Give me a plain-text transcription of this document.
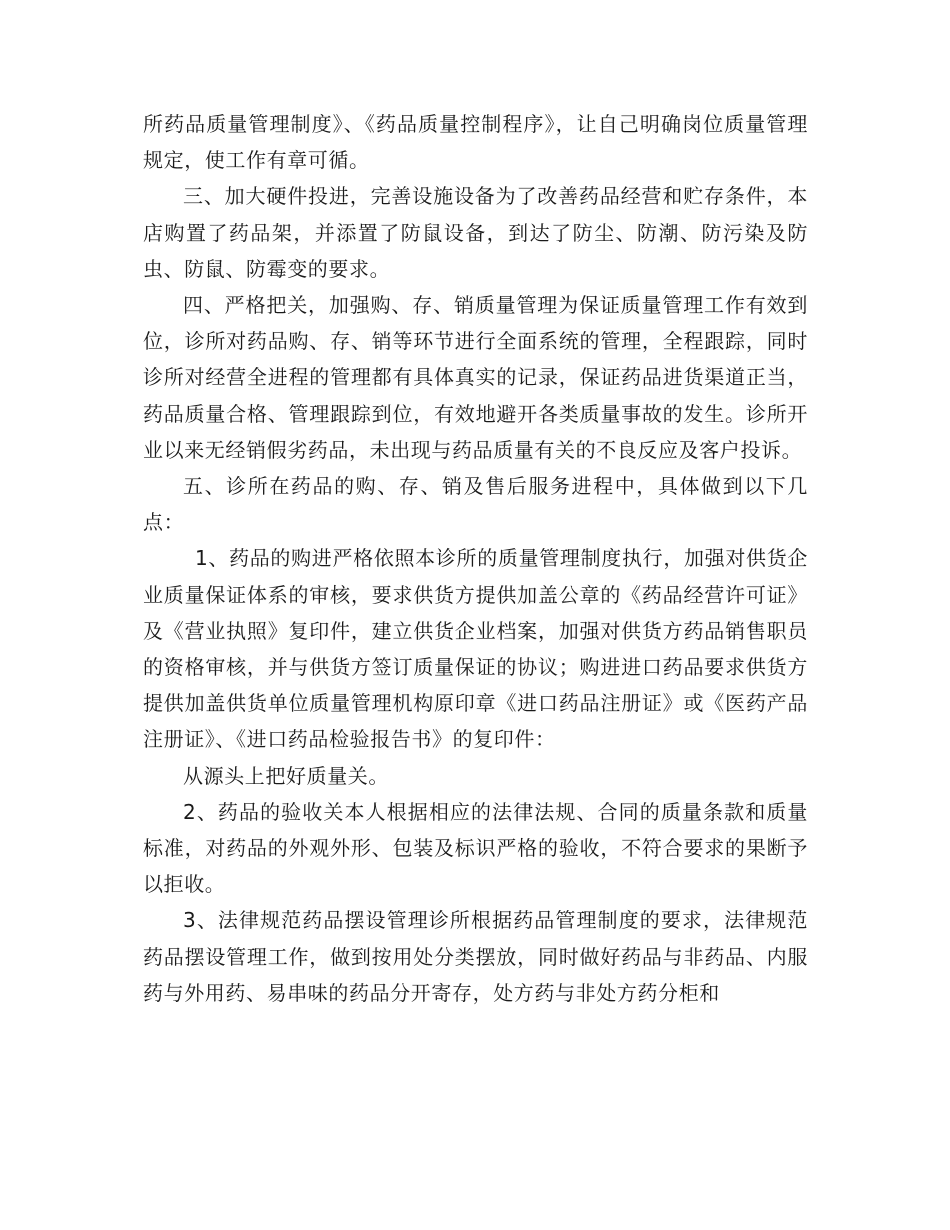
所药品质量管理制度》、《药品质量控制程序》，让自己明确岗位质量管理规定，使工作有章可循。

三、加大硬件投进，完善设施设备为了改善药品经营和贮存条件，本店购置了药品架，并添置了防鼠设备，到达了防尘、防潮、防污染及防虫、防鼠、防霉变的要求。

四、严格把关，加强购、存、销质量管理为保证质量管理工作有效到位，诊所对药品购、存、销等环节进行全面系统的管理，全程跟踪，同时诊所对经营全进程的管理都有具体真实的记录，保证药品进货渠道正当，药品质量合格、管理跟踪到位，有效地避开各类质量事故的发生。诊所开业以来无经销假劣药品，未出现与药品质量有关的不良反应及客户投诉。

五、诊所在药品的购、存、销及售后服务进程中，具体做到以下几点：

1、药品的购进严格依照本诊所的质量管理制度执行，加强对供货企业质量保证体系的审核，要求供货方提供加盖公章的《药品经营许可证》及《营业执照》复印件，建立供货企业档案，加强对供货方药品销售职员的资格审核，并与供货方签订质量保证的协议；购进进口药品要求供货方提供加盖供货单位质量管理机构原印章《进口药品注册证》或《医药产品注册证》、《进口药品检验报告书》的复印件：

从源头上把好质量关。

2、药品的验收关本人根据相应的法律法规、合同的质量条款和质量标准，对药品的外观外形、包装及标识严格的验收，不符合要求的果断予以拒收。

3、法律规范药品摆设管理诊所根据药品管理制度的要求，法律规范药品摆设管理工作，做到按用处分类摆放，同时做好药品与非药品、内服药与外用药、易串味的药品分开寄存，处方药与非处方药分柜和
